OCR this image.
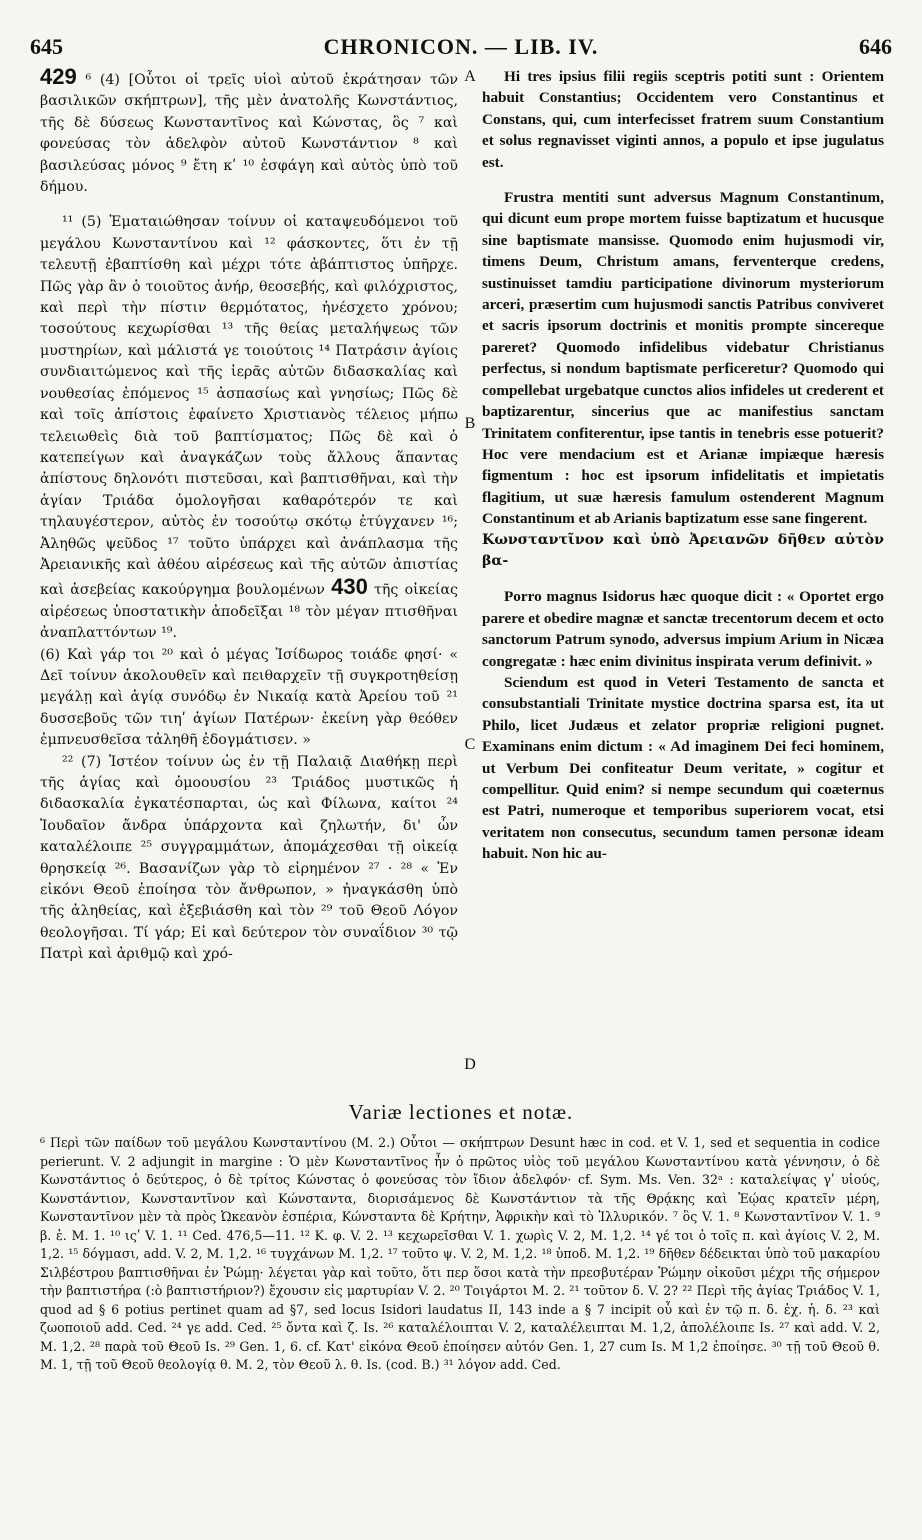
645	CHRONICON. — LIB. IV.	646

429 ⁶ (4) [Οὗτοι οἱ τρεῖς υἱοὶ αὐτοῦ ἐκράτησαν τῶν βασιλικῶν σκήπτρων], τῆς μὲν ἀνατολῆς Κωνστάντιος, τῆς δὲ δύσεως Κωνσταντῖνος καὶ Κώνστας, ὃς ⁷ καὶ φονεύσας τὸν ἀδελφὸν αὐτοῦ Κωνστάντιον ⁸ καὶ βασιλεύσας μόνος ⁹ ἔτη κʹ ¹⁰ ἐσφάγη καὶ αὐτὸς ὑπὸ τοῦ δήμου.

¹¹ (5) Ἐματαιώθησαν τοίνυν οἱ καταψευδόμενοι τοῦ μεγάλου Κωνσταντίνου καὶ ¹² φάσκοντες, ὅτι ἐν τῇ τελευτῇ ἐβαπτίσθη καὶ μέχρι τότε ἀβάπτιστος ὑπῆρχε. Πῶς γὰρ ἂν ὁ τοιοῦτος ἀνήρ, θεοσεβής, καὶ φιλόχριστος, καὶ περὶ τὴν πίστιν θερμότατος, ἠνέσχετο χρόνου; τοσούτους κεχωρίσθαι ¹³ τῆς θείας μεταλήψεως τῶν μυστηρίων, καὶ μάλιστά γε τοιούτοις ¹⁴ Πατράσιν ἁγίοις συνδιαιτώμενος καὶ τῆς ἱερᾶς αὐτῶν διδασκαλίας καὶ νουθεσίας ἐπόμενος ¹⁵ ἀσπασίως καὶ γνησίως; Πῶς δὲ καὶ τοῖς ἀπίστοις ἐφαίνετο Χριστιανὸς τέλειος μήπω τελειωθεὶς διὰ τοῦ βαπτίσματος; Πῶς δὲ καὶ ὁ κατεπείγων καὶ ἀναγκάζων τοὺς ἄλλους ἅπαντας ἀπίστους δηλονότι πιστεῦσαι, καὶ βαπτισθῆναι, καὶ τὴν ἁγίαν Τριάδα ὁμολογῆσαι καθαρότερόν τε καὶ τηλαυγέστερον, αὐτὸς ἐν τοσούτῳ σκότῳ ἐτύγχανεν ¹⁶; Ἀληθῶς ψεῦδος ¹⁷ τοῦτο ὑπάρχει καὶ ἀνάπλασμα τῆς Ἀρειανικῆς καὶ ἀθέου αἱρέσεως καὶ τῆς αὐτῶν ἀπιστίας καὶ ἀσεβείας κακούργημα βουλομένων 430 τῆς οἰκείας αἱρέσεως ὑποστατικὴν ἀποδεῖξαι ¹⁸ τὸν μέγαν πτισθῆναι ἀναπλαττόντων ¹⁹.

(6) Καὶ γάρ τοι ²⁰ καὶ ὁ μέγας Ἰσίδωρος τοιάδε φησί· « Δεῖ τοίνυν ἀκολουθεῖν καὶ πειθαρχεῖν τῇ συγκροτηθείσῃ μεγάλῃ καὶ ἁγίᾳ συνόδῳ ἐν Νικαίᾳ κατὰ Ἀρείου τοῦ ²¹ δυσσεβοῦς τῶν τιηʹ ἁγίων Πατέρων· ἐκείνη γὰρ θεόθεν ἐμπνευσθεῖσα τἀληθῆ ἐδογμάτισεν. »

²² (7) Ἰστέον τοίνυν ὡς ἐν τῇ Παλαιᾷ Διαθήκῃ περὶ τῆς ἁγίας καὶ ὁμοουσίου ²³ Τριάδος μυστικῶς ἡ διδασκαλία ἐγκατέσπαρται, ὡς καὶ Φίλωνα, καίτοι ²⁴ Ἰουδαῖον ἄνδρα ὑπάρχοντα καὶ ζηλωτήν, δι' ὧν καταλέλοιπε ²⁵ συγγραμμάτων, ἀπομάχεσθαι τῇ οἰκείᾳ θρησκείᾳ ²⁶. Βασανίζων γὰρ τὸ εἰρημένον ²⁷ · ²⁸ « Ἐν εἰκόνι Θεοῦ ἐποίησα τὸν ἄνθρωπον, » ἠναγκάσθη ὑπὸ τῆς ἀληθείας, καὶ ἐξεβιάσθη καὶ τὸν ²⁹ τοῦ Θεοῦ Λόγον θεολογῆσαι. Τί γάρ; Εἰ καὶ δεύτερον τὸν συναΐδιον ³⁰ τῷ Πατρὶ καὶ ἀριθμῷ καὶ χρό-

A
B
C
D

Hi tres ipsius filii regiis sceptris potiti sunt : Orientem habuit Constantius; Occidentem vero Constantinus et Constans, qui, cum interfecisset fratrem suum Constantium et solus regnavisset viginti annos, a populo et ipse jugulatus est.

Frustra mentiti sunt adversus Magnum Constantinum, qui dicunt eum prope mortem fuisse baptizatum et hucusque sine baptismate mansisse. Quomodo enim hujusmodi vir, timens Deum, Christum amans, ferventerque credens, sustinuisset tamdiu participatione divinorum mysteriorum arceri, præsertim cum hujusmodi sanctis Patribus conviveret et sacris ipsorum doctrinis et monitis prompte sincereque pareret? Quomodo infidelibus videbatur Christianus perfectus, si nondum baptismate perficeretur? Quomodo qui compellebat urgebatque cunctos alios infideles ut crederent et baptizarentur, sincerius que ac manifestius sanctam Trinitatem confiterentur, ipse tantis in tenebris esse potuerit? Hoc vere mendacium est et Arianæ impiæque hæresis figmentum : hoc est ipsorum infidelitatis et impietatis flagitium, ut suæ hæresis famulum ostenderent Magnum Constantinum et ab Arianis baptizatum esse sane fingerent.

Κωνσταντῖνον καὶ ὑπὸ Ἀρειανῶν δῆθεν αὐτὸν βα-

Porro magnus Isidorus hæc quoque dicit : « Oportet ergo parere et obedire magnæ et sanctæ trecentorum decem et octo sanctorum Patrum synodo, adversus impium Arium in Nicæa congregatæ : hæc enim divinitus inspirata verum definivit. »

Sciendum est quod in Veteri Testamento de sancta et consubstantiali Trinitate mystice doctrina sparsa est, ita ut Philo, licet Judæus et zelator propriæ religioni pugnet. Examinans enim dictum : « Ad imaginem Dei feci hominem, ut Verbum Dei confiteatur Deum veritate, » cogitur et compellitur. Quid enim? si nempe secundum qui coæternus est Patri, numeroque et temporibus superiorem vocat, etsi veritatem non consecutus, secundum tamen personæ ideam habuit. Non hic au-

Variæ lectiones et notæ.

⁶ Περὶ τῶν παίδων τοῦ μεγάλου Κωνσταντίνου (M. 2.) Οὗτοι — σκήπτρων Desunt hæc in cod. et V. 1, sed et sequentia in codice perierunt. V. 2 adjungit in margine : Ὁ μὲν Κωνσταντῖνος ἦν ὁ πρῶτος υἱὸς τοῦ μεγάλου Κωνσταντίνου κατὰ γέννησιν, ὁ δὲ Κωνστάντιος ὁ δεύτερος, ὁ δὲ τρίτος Κώνστας ὁ φονεύσας τὸν ἴδιον ἀδελφόν· cf. Sym. Ms. Ven. 32ᵃ : καταλείψας γʹ υἱούς, Κωνστάντιον, Κωνσταντῖνον καὶ Κώνσταντα, διορισάμενος δὲ Κωνστάντιον τὰ τῆς Θρᾴκης καὶ Ἑῴας κρατεῖν μέρη, Κωνσταντῖνον μὲν τὰ πρὸς Ὠκεανὸν ἑσπέρια, Κώνσταντα δὲ Κρήτην, Ἀφρικὴν καὶ τὸ Ἰλλυρικόν. ⁷ ὃς V. 1. ⁸ Κωνσταντῖνον V. 1. ⁹ β. ἐ. M. 1. ¹⁰ ιςʹ V. 1. ¹¹ Ced. 476,5—11. ¹² K. φ. V. 2. ¹³ κεχωρεῖσθαι V. 1. χωρὶς V. 2, M. 1,2. ¹⁴ γέ τοι ὁ τοῖς π. καὶ ἁγίοις V. 2, M. 1,2. ¹⁵ δόγμασι, add. V. 2, M. 1,2. ¹⁶ τυγχάνων M. 1,2. ¹⁷ τοῦτο ψ. V. 2, M. 1,2. ¹⁸ ὑποδ. M. 1,2. ¹⁹ δῆθεν δέδεικται ὑπὸ τοῦ μακαρίου Σιλβέστρου βαπτισθῆναι ἐν Ῥώμῃ· λέγεται γὰρ καὶ τοῦτο, ὅτι περ ὅσοι κατὰ τὴν πρεσβυτέραν Ῥώμην οἰκοῦσι μέχρι τῆς σήμερον τὴν βαπτιστήρα (:ὸ βαπτιστήριον?) ἔχουσιν εἰς μαρτυρίαν V. 2. ²⁰ Τοιγάρτοι M. 2. ²¹ τοῦτον δ. V. 2? ²² Περὶ τῆς ἁγίας Τριάδος V. 1, quod ad § 6 potius pertinet quam ad §7, sed locus Isidori laudatus II, 143 inde a § 7 incipit οὗ καὶ ἐν τῷ π. δ. ἐχ. ἡ. δ. ²³ καὶ ζωοποιοῦ add. Ced. ²⁴ γε add. Ced. ²⁵ ὄντα καὶ ζ. Is. ²⁶ καταλέλοιπται V. 2, καταλέλειπται M. 1,2, ἀπολέλοιπε Is. ²⁷ καὶ add. V. 2, M. 1,2. ²⁸ παρὰ τοῦ Θεοῦ Is. ²⁹ Gen. 1, 6. cf. Κατ' εἰκόνα Θεοῦ ἐποίησεν αὐτόν Gen. 1, 27 cum Is. M 1,2 ἐποίησε. ³⁰ τῇ τοῦ Θεοῦ θ. M. 1, τῇ τοῦ Θεοῦ θεολογίᾳ θ. M. 2, τὸν Θεοῦ λ. θ. Is. (cod. B.) ³¹ λόγον add. Ced.
